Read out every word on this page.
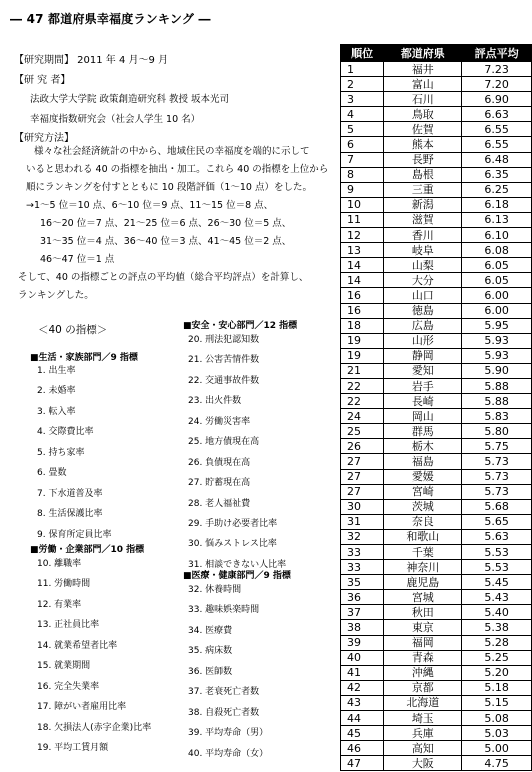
― 47 都道府県幸福度ランキング ―
【研究期間】 2011 年 4 月～9 月
【研 究 者】
法政大学大学院 政策創造研究科 教授 坂本光司
幸福度指数研究会（社会人学生 10 名）
【研究方法】
様々な社会経済統計の中から、地域住民の幸福度を端的に示して
いると思われる 40 の指標を抽出・加工。これら 40 の指標を上位から
順にランキングを付すとともに 10 段階評価（1～10 点）をした。
→1～5 位＝10 点、6～10 位＝9 点、11～15 位＝8 点、
16～20 位＝7 点、21～25 位＝6 点、26～30 位＝5 点、
31～35 位＝4 点、36～40 位＝3 点、41～45 位＝2 点、
46～47 位＝1 点
そして、40 の指標ごとの評点の平均値（総合平均評点）を計算し、
ランキングした。
＜40 の指標＞
■生活・家族部門／9 指標
1. 出生率
2. 未婚率
3. 転入率
4. 交際費比率
5. 持ち家率
6. 畳数
7. 下水道普及率
8. 生活保護比率
9. 保育所定員比率
■労働・企業部門／10 指標
10. 離職率
11. 労働時間
12. 有業率
13. 正社員比率
14. 就業希望者比率
15. 就業期間
16. 完全失業率
17. 障がい者雇用比率
18. 欠損法人(赤字企業)比率
19. 平均工賃月額
■安全・安心部門／12 指標
20. 刑法犯認知数
21. 公害苦情件数
22. 交通事故件数
23. 出火件数
24. 労働災害率
25. 地方債現在高
26. 負債現在高
27. 貯蓄現在高
28. 老人福祉費
29. 手助け必要者比率
30. 悩みストレス比率
31. 相談できない人比率
■医療・健康部門／9 指標
32. 休養時間
33. 趣味娯楽時間
34. 医療費
35. 病床数
36. 医師数
37. 老衰死亡者数
38. 自殺死亡者数
39. 平均寿命（男）
40. 平均寿命（女）
順位	都道府県	評点平均
1	福井	7.23
2	富山	7.20
3	石川	6.90
4	鳥取	6.63
5	佐賀	6.55
6	熊本	6.55
7	長野	6.48
8	島根	6.35
9	三重	6.25
10	新潟	6.18
11	滋賀	6.13
12	香川	6.10
13	岐阜	6.08
14	山梨	6.05
14	大分	6.05
16	山口	6.00
16	徳島	6.00
18	広島	5.95
19	山形	5.93
19	静岡	5.93
21	愛知	5.90
22	岩手	5.88
22	長崎	5.88
24	岡山	5.83
25	群馬	5.80
26	栃木	5.75
27	福島	5.73
27	愛媛	5.73
27	宮崎	5.73
30	茨城	5.68
31	奈良	5.65
32	和歌山	5.63
33	千葉	5.53
33	神奈川	5.53
35	鹿児島	5.45
36	宮城	5.43
37	秋田	5.40
38	東京	5.38
39	福岡	5.28
40	青森	5.25
41	沖縄	5.20
42	京都	5.18
43	北海道	5.15
44	埼玉	5.08
45	兵庫	5.03
46	高知	5.00
47	大阪	4.75
